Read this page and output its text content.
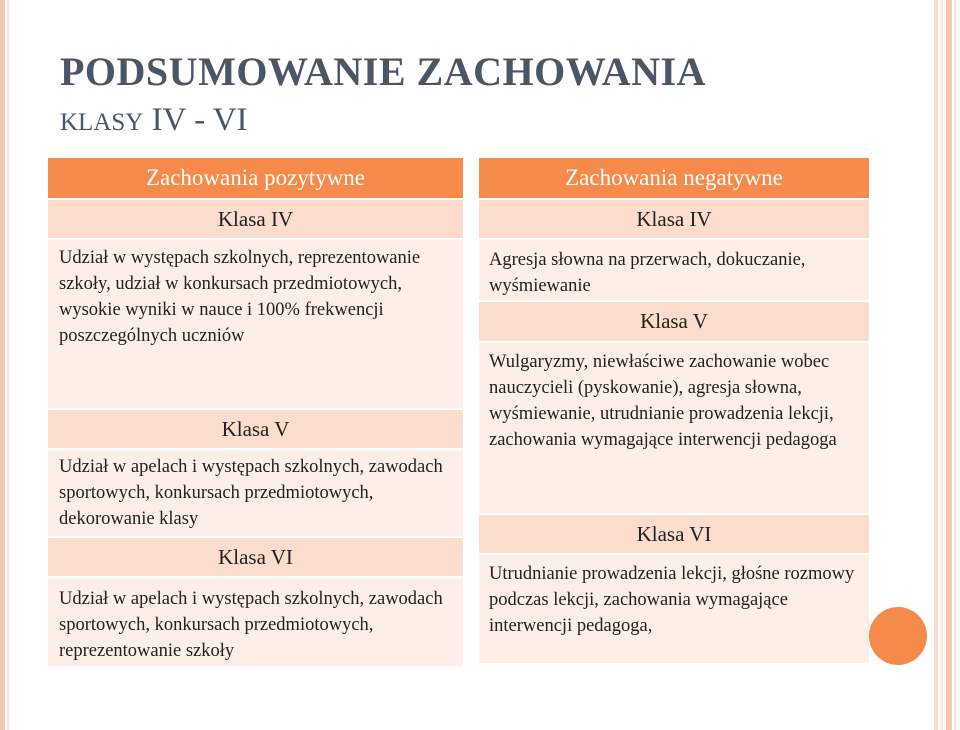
PODSUMOWANIE ZACHOWANIA
KLASY IV - VI
Zachowania pozytywne
Klasa IV
Udział w występach szkolnych, reprezentowanie szkoły, udział w konkursach przedmiotowych, wysokie wyniki w nauce i 100% frekwencji poszczególnych uczniów
Klasa V
Udział w apelach i występach szkolnych, zawodach sportowych, konkursach przedmiotowych, dekorowanie klasy
Klasa VI
Udział w apelach i występach szkolnych, zawodach sportowych, konkursach przedmiotowych, reprezentowanie szkoły
Zachowania negatywne
Klasa IV
Agresja słowna na przerwach, dokuczanie, wyśmiewanie
Klasa V
Wulgaryzmy, niewłaściwe zachowanie wobec nauczycieli (pyskowanie), agresja słowna, wyśmiewanie, utrudnianie prowadzenia lekcji, zachowania wymagające interwencji pedagoga
Klasa VI
Utrudnianie prowadzenia lekcji, głośne rozmowy podczas lekcji, zachowania wymagające interwencji pedagoga,
